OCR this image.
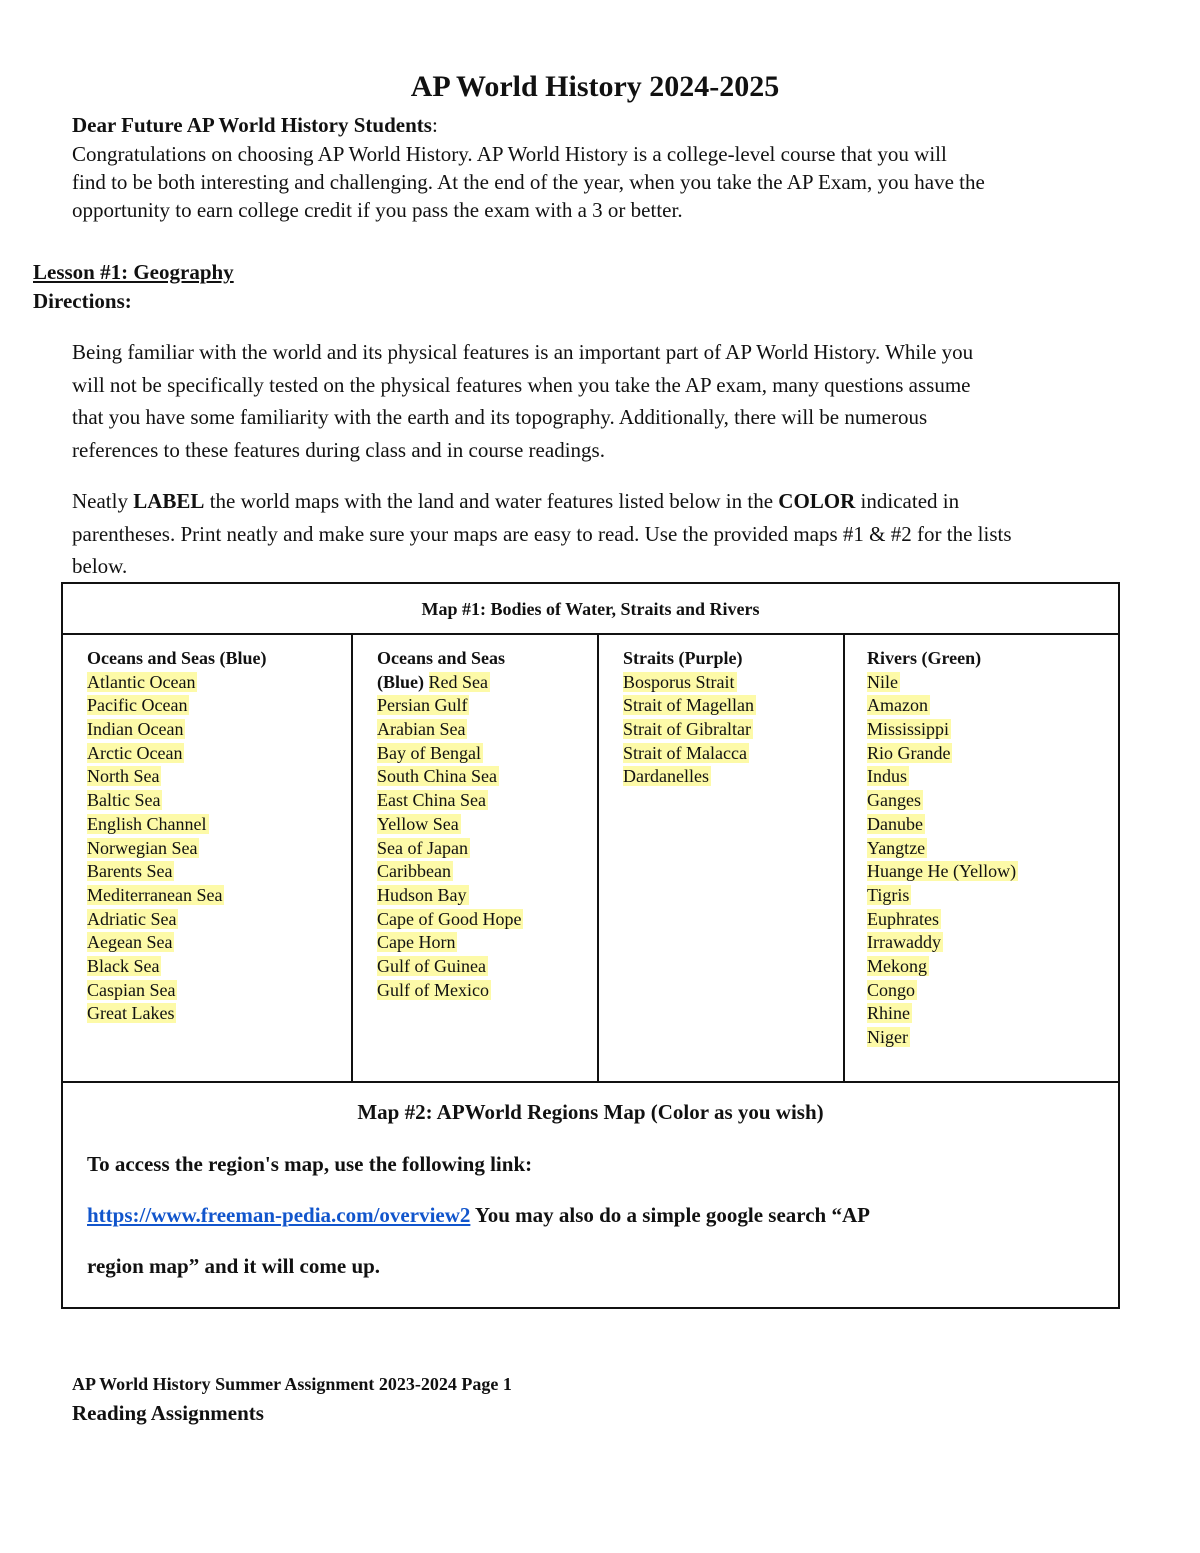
AP World History 2024-2025
Dear Future AP World History Students:
Congratulations on choosing AP World History. AP World History is a college-level course that you will
find to be both interesting and challenging. At the end of the year, when you take the AP Exam, you have the
opportunity to earn college credit if you pass the exam with a 3 or better.
Lesson #1: Geography
Directions:
Being familiar with the world and its physical features is an important part of AP World History. While you
will not be specifically tested on the physical features when you take the AP exam, many questions assume
that you have some familiarity with the earth and its topography. Additionally, there will be numerous
references to these features during class and in course readings.
Neatly LABEL the world maps with the land and water features listed below in the COLOR indicated in
parentheses. Print neatly and make sure your maps are easy to read. Use the provided maps #1 & #2 for the lists
below.
Map #1: Bodies of Water, Straits and Rivers
Oceans and Seas (Blue)
Atlantic Ocean
Pacific Ocean
Indian Ocean
Arctic Ocean
North Sea
Baltic Sea
English Channel
Norwegian Sea
Barents Sea
Mediterranean Sea
Adriatic Sea
Aegean Sea
Black Sea
Caspian Sea
Great Lakes
Oceans and Seas
(Blue) Red Sea
Persian Gulf
Arabian Sea
Bay of Bengal
South China Sea
East China Sea
Yellow Sea
Sea of Japan
Caribbean
Hudson Bay
Cape of Good Hope
Cape Horn
Gulf of Guinea
Gulf of Mexico
Straits (Purple)
Bosporus Strait
Strait of Magellan
Strait of Gibraltar
Strait of Malacca
Dardanelles
Rivers (Green)
Nile
Amazon
Mississippi
Rio Grande
Indus
Ganges
Danube
Yangtze
Huange He (Yellow)
Tigris
Euphrates
Irrawaddy
Mekong
Congo
Rhine
Niger
Map #2: APWorld Regions Map (Color as you wish)
To access the region's map, use the following link:
https://www.freeman-pedia.com/overview2 You may also do a simple google search “AP
region map” and it will come up.
AP World History Summer Assignment 2023-2024 Page 1
Reading Assignments
